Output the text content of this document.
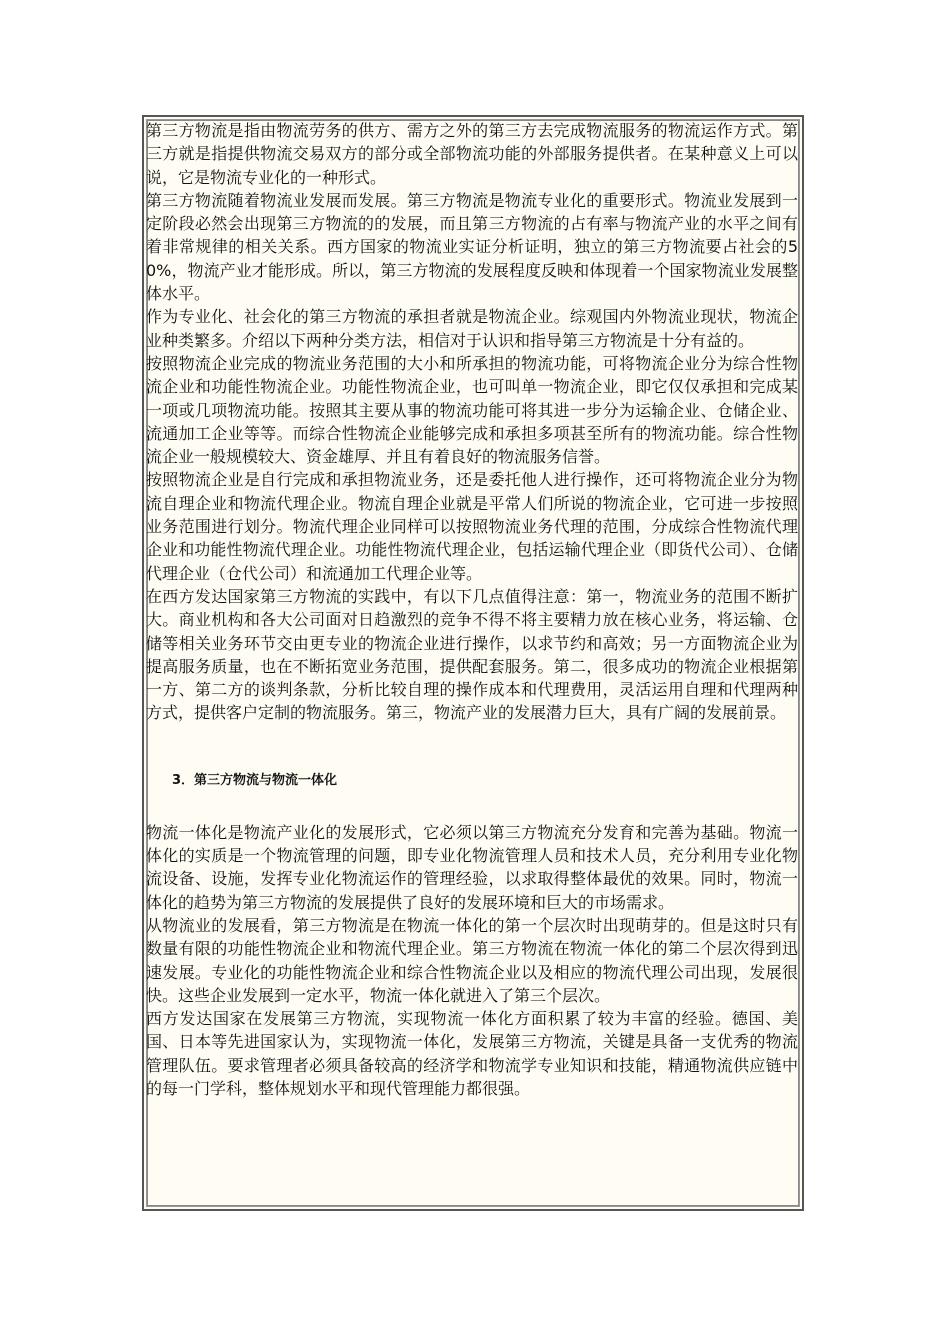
第三方物流是指由物流劳务的供方、需方之外的第三方去完成物流服务的物流运作方式。第三方就是指提供物流交易双方的部分或全部物流功能的外部服务提供者。在某种意义上可以说，它是物流专业化的一种形式。

第三方物流随着物流业发展而发展。第三方物流是物流专业化的重要形式。物流业发展到一定阶段必然会出现第三方物流的的发展，而且第三方物流的占有率与物流产业的水平之间有着非常规律的相关关系。西方国家的物流业实证分析证明，独立的第三方物流要占社会的50%，物流产业才能形成。所以，第三方物流的发展程度反映和体现着一个国家物流业发展整体水平。

作为专业化、社会化的第三方物流的承担者就是物流企业。综观国内外物流业现状，物流企业种类繁多。介绍以下两种分类方法，相信对于认识和指导第三方物流是十分有益的。

按照物流企业完成的物流业务范围的大小和所承担的物流功能，可将物流企业分为综合性物流企业和功能性物流企业。功能性物流企业，也可叫单一物流企业，即它仅仅承担和完成某一项或几项物流功能。按照其主要从事的物流功能可将其进一步分为运输企业、仓储企业、流通加工企业等等。而综合性物流企业能够完成和承担多项甚至所有的物流功能。综合性物流企业一般规模较大、资金雄厚、并且有着良好的物流服务信誉。

按照物流企业是自行完成和承担物流业务，还是委托他人进行操作，还可将物流企业分为物流自理企业和物流代理企业。物流自理企业就是平常人们所说的物流企业，它可进一步按照业务范围进行划分。物流代理企业同样可以按照物流业务代理的范围，分成综合性物流代理企业和功能性物流代理企业。功能性物流代理企业，包括运输代理企业（即货代公司）、仓储代理企业（仓代公司）和流通加工代理企业等。

在西方发达国家第三方物流的实践中，有以下几点值得注意：第一，物流业务的范围不断扩大。商业机构和各大公司面对日趋激烈的竞争不得不将主要精力放在核心业务，将运输、仓储等相关业务环节交由更专业的物流企业进行操作，以求节约和高效；另一方面物流企业为提高服务质量，也在不断拓宽业务范围，提供配套服务。第二，很多成功的物流企业根据第一方、第二方的谈判条款，分析比较自理的操作成本和代理费用，灵活运用自理和代理两种方式，提供客户定制的物流服务。第三，物流产业的发展潜力巨大，具有广阔的发展前景。

3．第三方物流与物流一体化

物流一体化是物流产业化的发展形式，它必须以第三方物流充分发育和完善为基础。物流一体化的实质是一个物流管理的问题，即专业化物流管理人员和技术人员，充分利用专业化物流设备、设施，发挥专业化物流运作的管理经验，以求取得整体最优的效果。同时，物流一体化的趋势为第三方物流的发展提供了良好的发展环境和巨大的市场需求。

从物流业的发展看，第三方物流是在物流一体化的第一个层次时出现萌芽的。但是这时只有数量有限的功能性物流企业和物流代理企业。第三方物流在物流一体化的第二个层次得到迅速发展。专业化的功能性物流企业和综合性物流企业以及相应的物流代理公司出现，发展很快。这些企业发展到一定水平，物流一体化就进入了第三个层次。

西方发达国家在发展第三方物流，实现物流一体化方面积累了较为丰富的经验。德国、美国、日本等先进国家认为，实现物流一体化，发展第三方物流，关键是具备一支优秀的物流管理队伍。要求管理者必须具备较高的经济学和物流学专业知识和技能，精通物流供应链中的每一门学科，整体规划水平和现代管理能力都很强。
